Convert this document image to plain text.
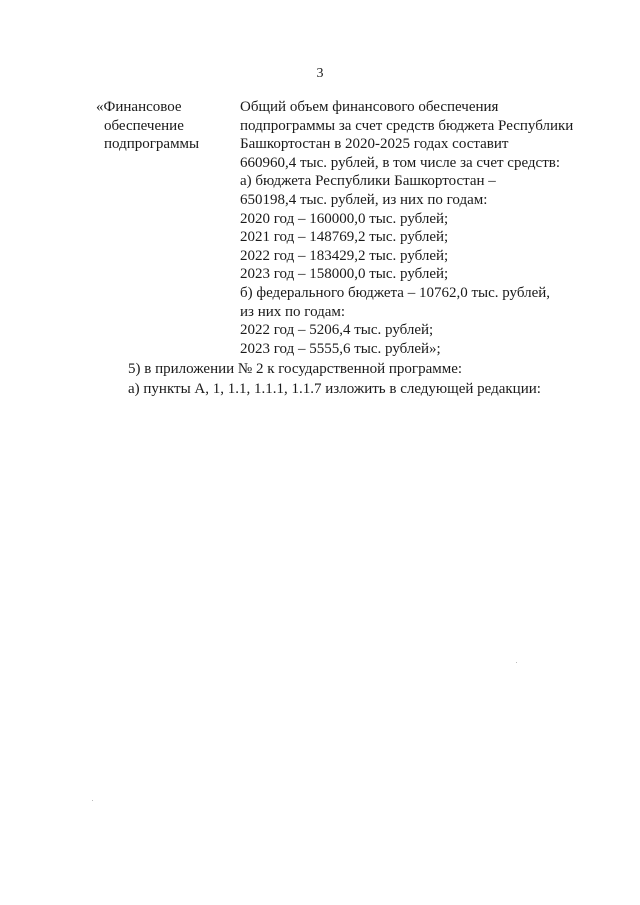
3
«Финансовое
обеспечение
подпрограммы
Общий объем финансового обеспечения
подпрограммы за счет средств бюджета Республики
Башкортостан в 2020-2025 годах составит
660960,4 тыс. рублей, в том числе за счет средств:
а) бюджета Республики Башкортостан –
650198,4 тыс. рублей, из них по годам:
2020 год – 160000,0 тыс. рублей;
2021 год – 148769,2 тыс. рублей;
2022 год – 183429,2 тыс. рублей;
2023 год – 158000,0 тыс. рублей;
б) федерального бюджета – 10762,0 тыс. рублей,
из них по годам:
2022 год – 5206,4 тыс. рублей;
2023 год – 5555,6 тыс. рублей»;
5) в приложении № 2 к государственной программе:
а) пункты А, 1, 1.1, 1.1.1, 1.1.7 изложить в следующей редакции:
